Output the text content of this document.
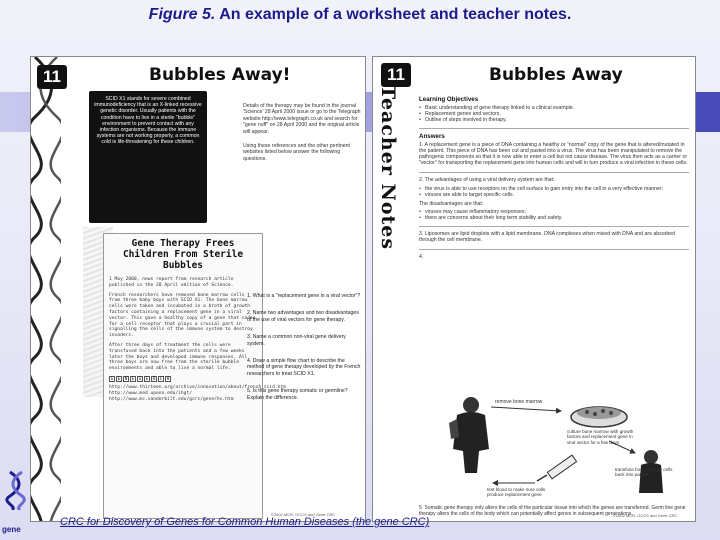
Figure 5. An example of a worksheet and teacher notes.
11	Bubbles Away!
SCID X1 stands for severe combined immunodeficiency that is an X-linked recessive genetic disorder. Usually patients with the condition have to live in a sterile "bubble" environment to prevent contact with any infection organisms. Because the immune systems are not working properly, a common cold is life-threatening for these children.
Details of the therapy may be found in the journal 'Science' 28 April 2000 issue or go to the Telegraph website http://www.telegraph.co.uk and search for "gene nuff" on 28 April 2000 and the original article will appear.
Using these references and the other pertinent websites listed below answer the following questions.
Gene Therapy Frees Children From Sterile Bubbles

1 May 2000, news report from research article published in the 28 April edition of Science.

French researchers have removed bone marrow cells from three baby boys with SCID X1. The bone marrow cells were taken and incubated in a broth of growth factors containing a replacement gene in a viral vector. This gave a healthy copy of a gene that codes for a cell receptor that plays a crucial part in signalling the cells of the immune system to destroy invaders.

After three days of treatment the cells were transfused back into the patients and a few weeks later the boys and developed immune responses. All three boys are now free from the sterile bubble environments and able to live a normal life.

G	E	N	E	S	E	R	C	H
http://www.thirteen.org/archive/innovation/about/french_scid.htm
http://www.med.upenn.edu/ihgt/
http://www.mc.vanderbilt.edu/gcrc/gene/hv.htm
1. What is a "replacement gene in a viral vector"?
2. Name two advantages and two disadvantages of the use of viral vectors for gene therapy.
3. Name a common non-viral gene delivery system.
4. Draw a simple flow chart to describe the method of gene therapy developed by the French researchers to treat SCID X1.
5. Is this gene therapy somatic or germline? Explain the difference.
©2002 MCR, GCCS and Gene CRC
11	Bubbles Away
Teacher Notes	Learning Objectives
• Basic understanding of gene therapy linked to a clinical example.
• Replacement genes and vectors.
• Outline of steps involved in therapy.
Answers
1. A replacement gene is a piece of DNA containing a healthy or "normal" copy of the gene that is altered/mutated in the patient. This piece of DNA has been cut and pasted into a virus. The virus has been manipulated to remove the pathogenic components so that it is now able to enter a cell but not cause disease. The virus then acts as a carrier or "vector" for transporting the replacement gene into human cells and will in turn produce a viral infection in these cells.
2. The advantages of using a viral delivery system are that:
• the virus is able to use receptors on the cell surface to gain entry into the cell in a very effective manner;
• viruses are able to target specific cells.
The disadvantages are that:
• viruses may cause inflammatory responses;
• there are concerns about their long term stability and safety.
3. Liposomes are lipid droplets with a lipid membrane. DNA complexes when mixed with DNA and are absorbed through the cell membrane.
4.
remove bone marrow
culture bone marrow with growth factors and replacement gene in viral vector for a few days
transfuse bone marrow cells back into patient
test blood to make sure cells produce replacement gene
5. Somatic gene therapy only alters the cells of the particular tissue into which the genes are transferred. Germ line gene therapy alters the cells of the body which can potentially affect genes in subsequent generations.
©2002 MCR, GCCS and Gene CRC
gene
CRC for Discovery of Genes for Common Human Diseases (the gene CRC)
